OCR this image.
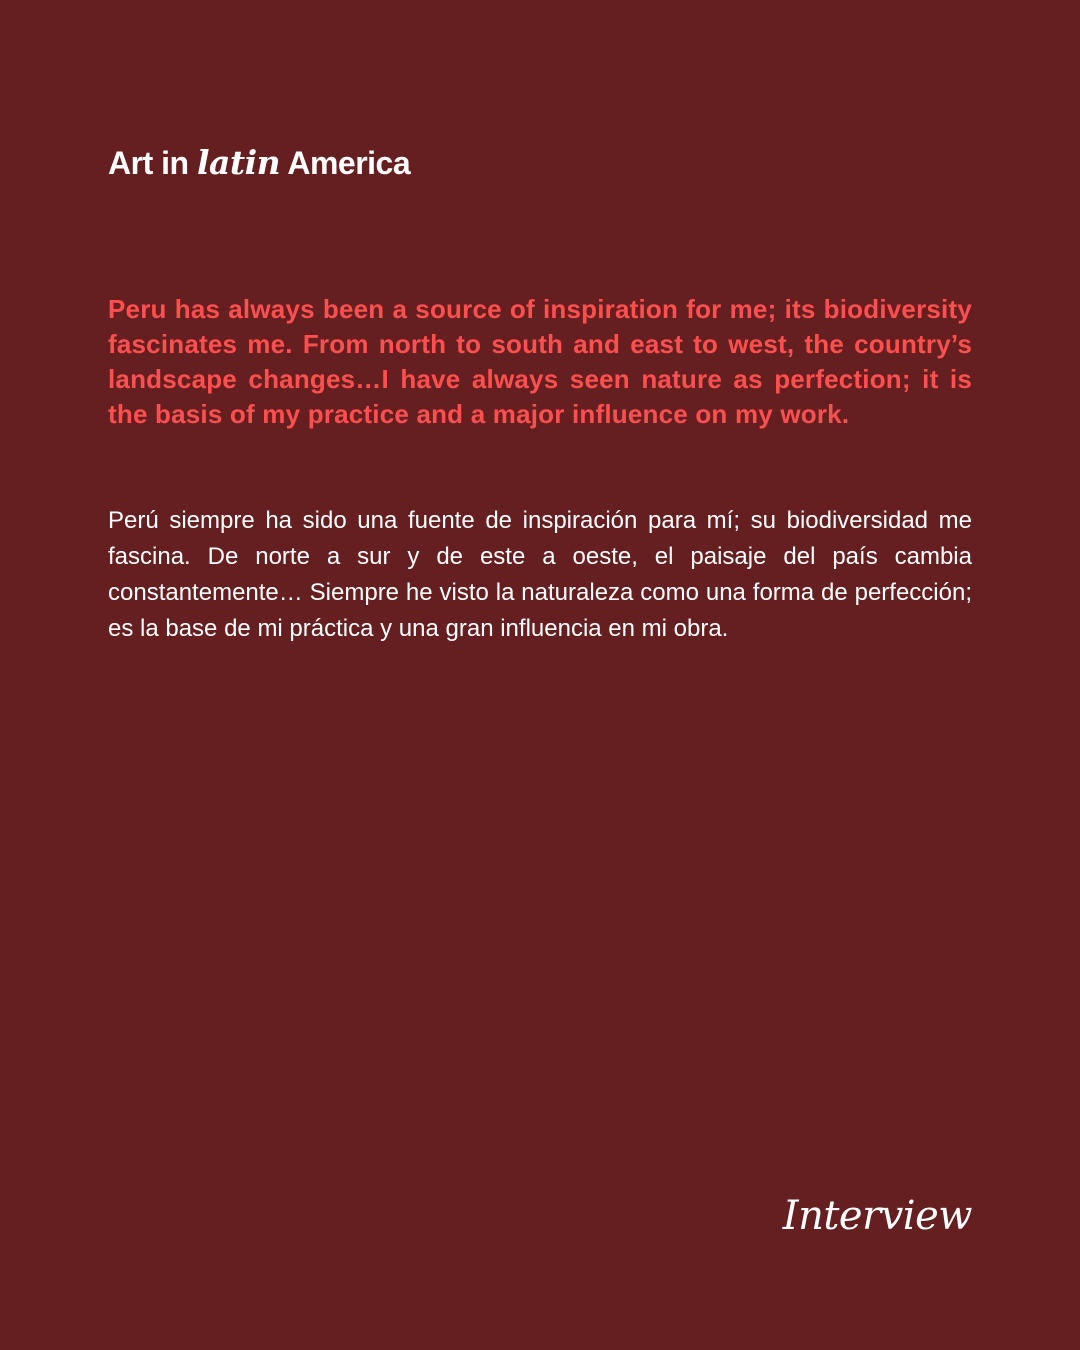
Art in latin America

Peru has always been a source of inspiration for me; its biodiversity fascinates me. From north to south and east to west, the country’s landscape changes…I have always seen nature as perfection; it is the basis of my practice and a major influence on my work.

Perú siempre ha sido una fuente de inspiración para mí; su biodiversidad me fascina. De norte a sur y de este a oeste, el paisaje del país cambia constantemente… Siempre he visto la naturaleza como una forma de perfección; es la base de mi práctica y una gran influencia en mi obra.

Interview
